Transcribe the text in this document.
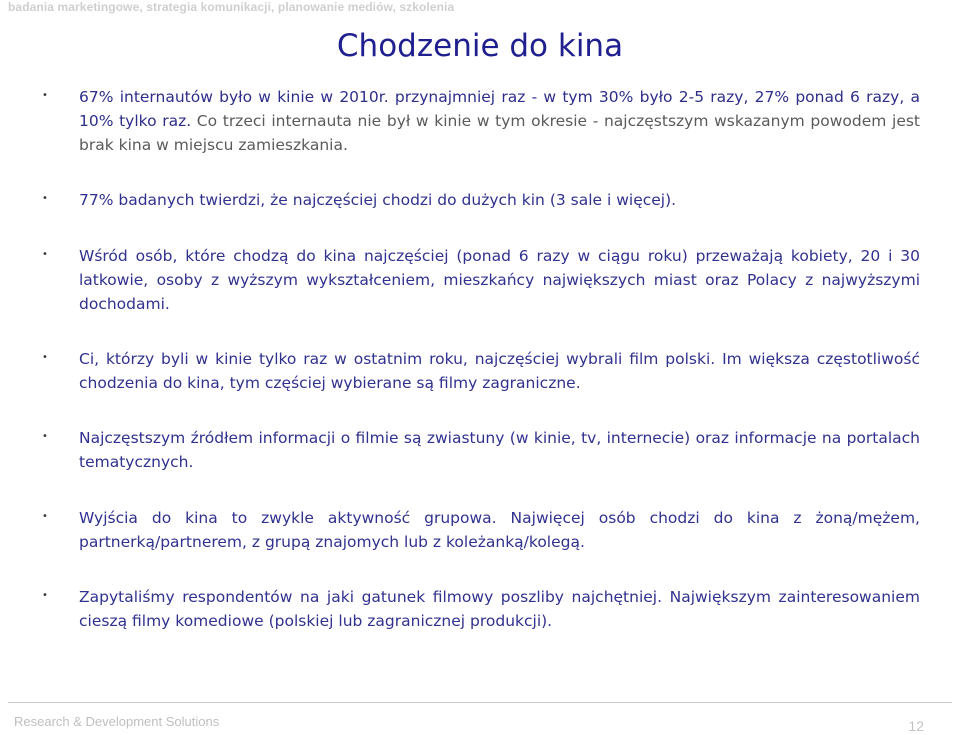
badania marketingowe, strategia komunikacji, planowanie mediów, szkolenia
Chodzenie do kina
• 67% internautów było w kinie w 2010r. przynajmniej raz - w tym 30% było 2-5 razy, 27% ponad 6 razy, a 10% tylko raz. Co trzeci internauta nie był w kinie w tym okresie - najczęstszym wskazanym powodem jest brak kina w miejscu zamieszkania.
• 77% badanych twierdzi, że najczęściej chodzi do dużych kin (3 sale i więcej).
• Wśród osób, które chodzą do kina najczęściej (ponad 6 razy w ciągu roku) przeważają kobiety, 20 i 30 latkowie, osoby z wyższym wykształceniem, mieszkańcy największych miast oraz Polacy z najwyższymi dochodami.
• Ci, którzy byli w kinie tylko raz w ostatnim roku, najczęściej wybrali film polski. Im większa częstotliwość chodzenia do kina, tym częściej wybierane są filmy zagraniczne.
• Najczęstszym źródłem informacji o filmie są zwiastuny (w kinie, tv, internecie) oraz informacje na portalach tematycznych.
• Wyjścia do kina to zwykle aktywność grupowa. Najwięcej osób chodzi do kina z żoną/mężem, partnerką/partnerem, z grupą znajomych lub z koleżanką/kolegą.
• Zapytaliśmy respondentów na jaki gatunek filmowy poszliby najchętniej. Największym zainteresowaniem cieszą filmy komediowe (polskiej lub zagranicznej produkcji).
Research & Development Solutions	12
